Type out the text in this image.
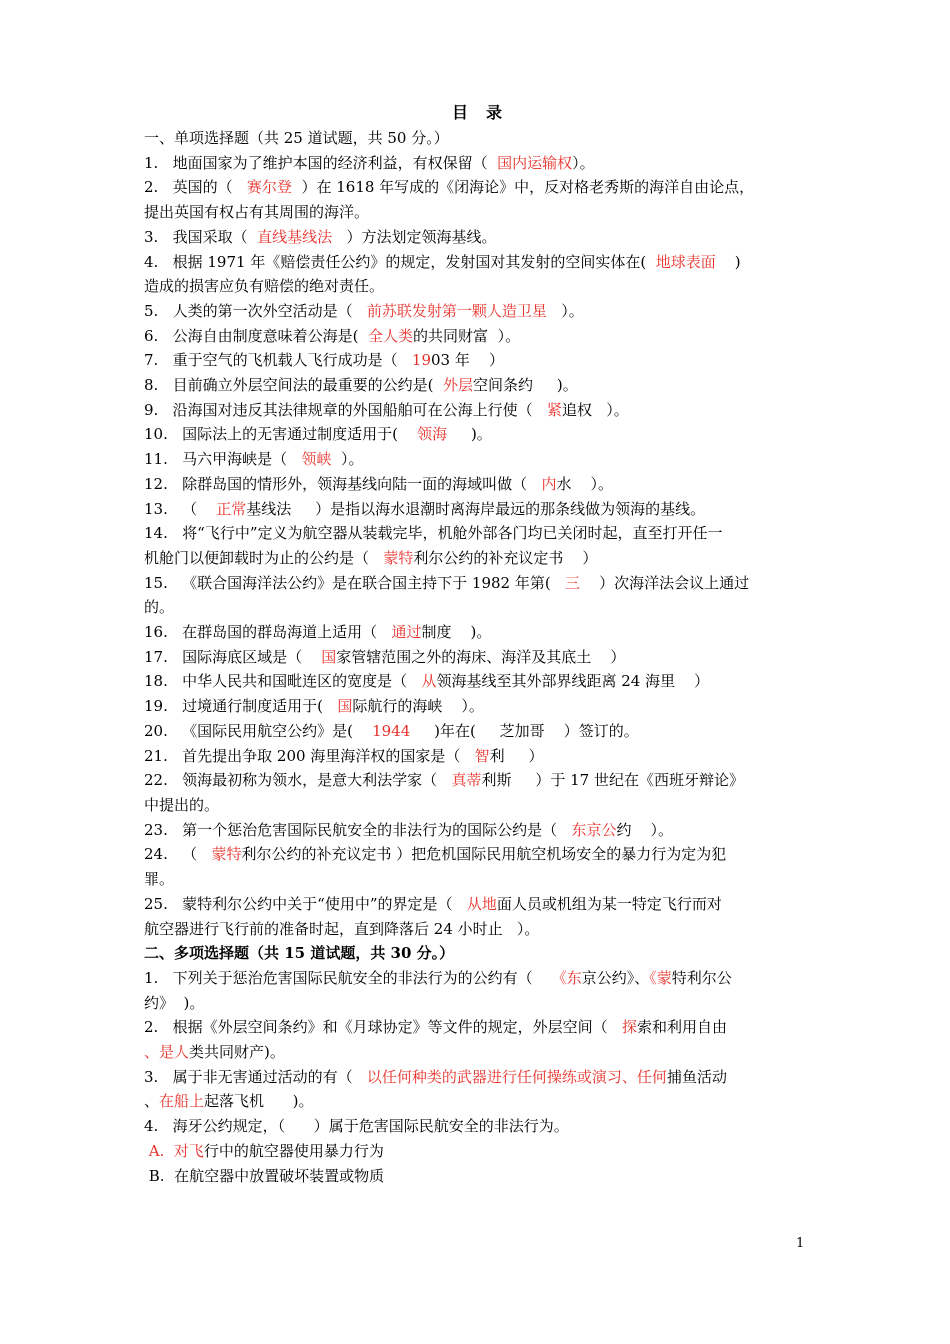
目 录

一、单项选择题（共 25 道试题，共 50 分。）

1.   地面国家为了维护本国的经济利益，有权保留（  国内运输权）。

2.   英国的（   赛尔登  ）在 1618 年写成的《闭海论》中，反对格老秀斯的海洋自由论点，

提出英国有权占有其周围的海洋。

3.   我国采取（  直线基线法   ）方法划定领海基线。

4.   根据 1971 年《赔偿责任公约》的规定，发射国对其发射的空间实体在(  地球表面    )

造成的损害应负有赔偿的绝对责任。

5.   人类的第一次外空活动是（   前苏联发射第一颗人造卫星   ）。

6.   公海自由制度意味着公海是(  全人类的共同财富  ）。

7.   重于空气的飞机载人飞行成功是（   1903 年    ）

8.   目前确立外层空间法的最重要的公约是(  外层空间条约     )。

9.   沿海国对违反其法律规章的外国船舶可在公海上行使（   紧追权   ）。

10.   国际法上的无害通过制度适用于(    领海     )。

11.   马六甲海峡是（   领峡  ）。

12.   除群岛国的情形外，领海基线向陆一面的海域叫做（   内水    ）。

13.   （    正常基线法     ）是指以海水退潮时离海岸最远的那条线做为领海的基线。

14.   将“飞行中”定义为航空器从装载完毕，机舱外部各门均已关闭时起，直至打开任一

机舱门以便卸载时为止的公约是（   蒙特利尔公约的补充议定书    ）

15.   《联合国海洋法公约》是在联合国主持下于 1982 年第(   三    ）次海洋法会议上通过

的。

16.   在群岛国的群岛海道上适用（   通过制度    )。

17.   国际海底区域是（    国家管辖范围之外的海床、海洋及其底土    ）

18.   中华人民共和国毗连区的宽度是（   从领海基线至其外部界线距离 24 海里    ）

19.   过境通行制度适用于(   国际航行的海峡    ）。

20.   《国际民用航空公约》是(    1944     )年在(     芝加哥    ）签订的。

21.   首先提出争取 200 海里海洋权的国家是（   智利     ）

22.   领海最初称为领水，是意大利法学家（   真蒂利斯     ）于 17 世纪在《西班牙辩论》

中提出的。

23.   第一个惩治危害国际民航安全的非法行为的国际公约是（   东京公约    ）。

24.   （   蒙特利尔公约的补充议定书 ）把危机国际民用航空机场安全的暴力行为定为犯

罪。

25.   蒙特利尔公约中关于“使用中”的界定是（   从地面人员或机组为某一特定飞行而对

航空器进行飞行前的准备时起，直到降落后 24 小时止   ）。

二、多项选择题（共 15 道试题，共 30 分。）

1.   下列关于惩治危害国际民航安全的非法行为的公约有（    《东京公约》、《蒙特利尔公

约》  )。

2.   根据《外层空间条约》和《月球协定》等文件的规定，外层空间（   探索和利用自由

、是人类共同财产)。

3.   属于非无害通过活动的有（   以任何种类的武器进行任何操练或演习、任何捕鱼活动

、在船上起落飞机      )。

4.   海牙公约规定，（      ）属于危害国际民航安全的非法行为。

A.  对飞行中的航空器使用暴力行为

B.  在航空器中放置破坏装置或物质

1
